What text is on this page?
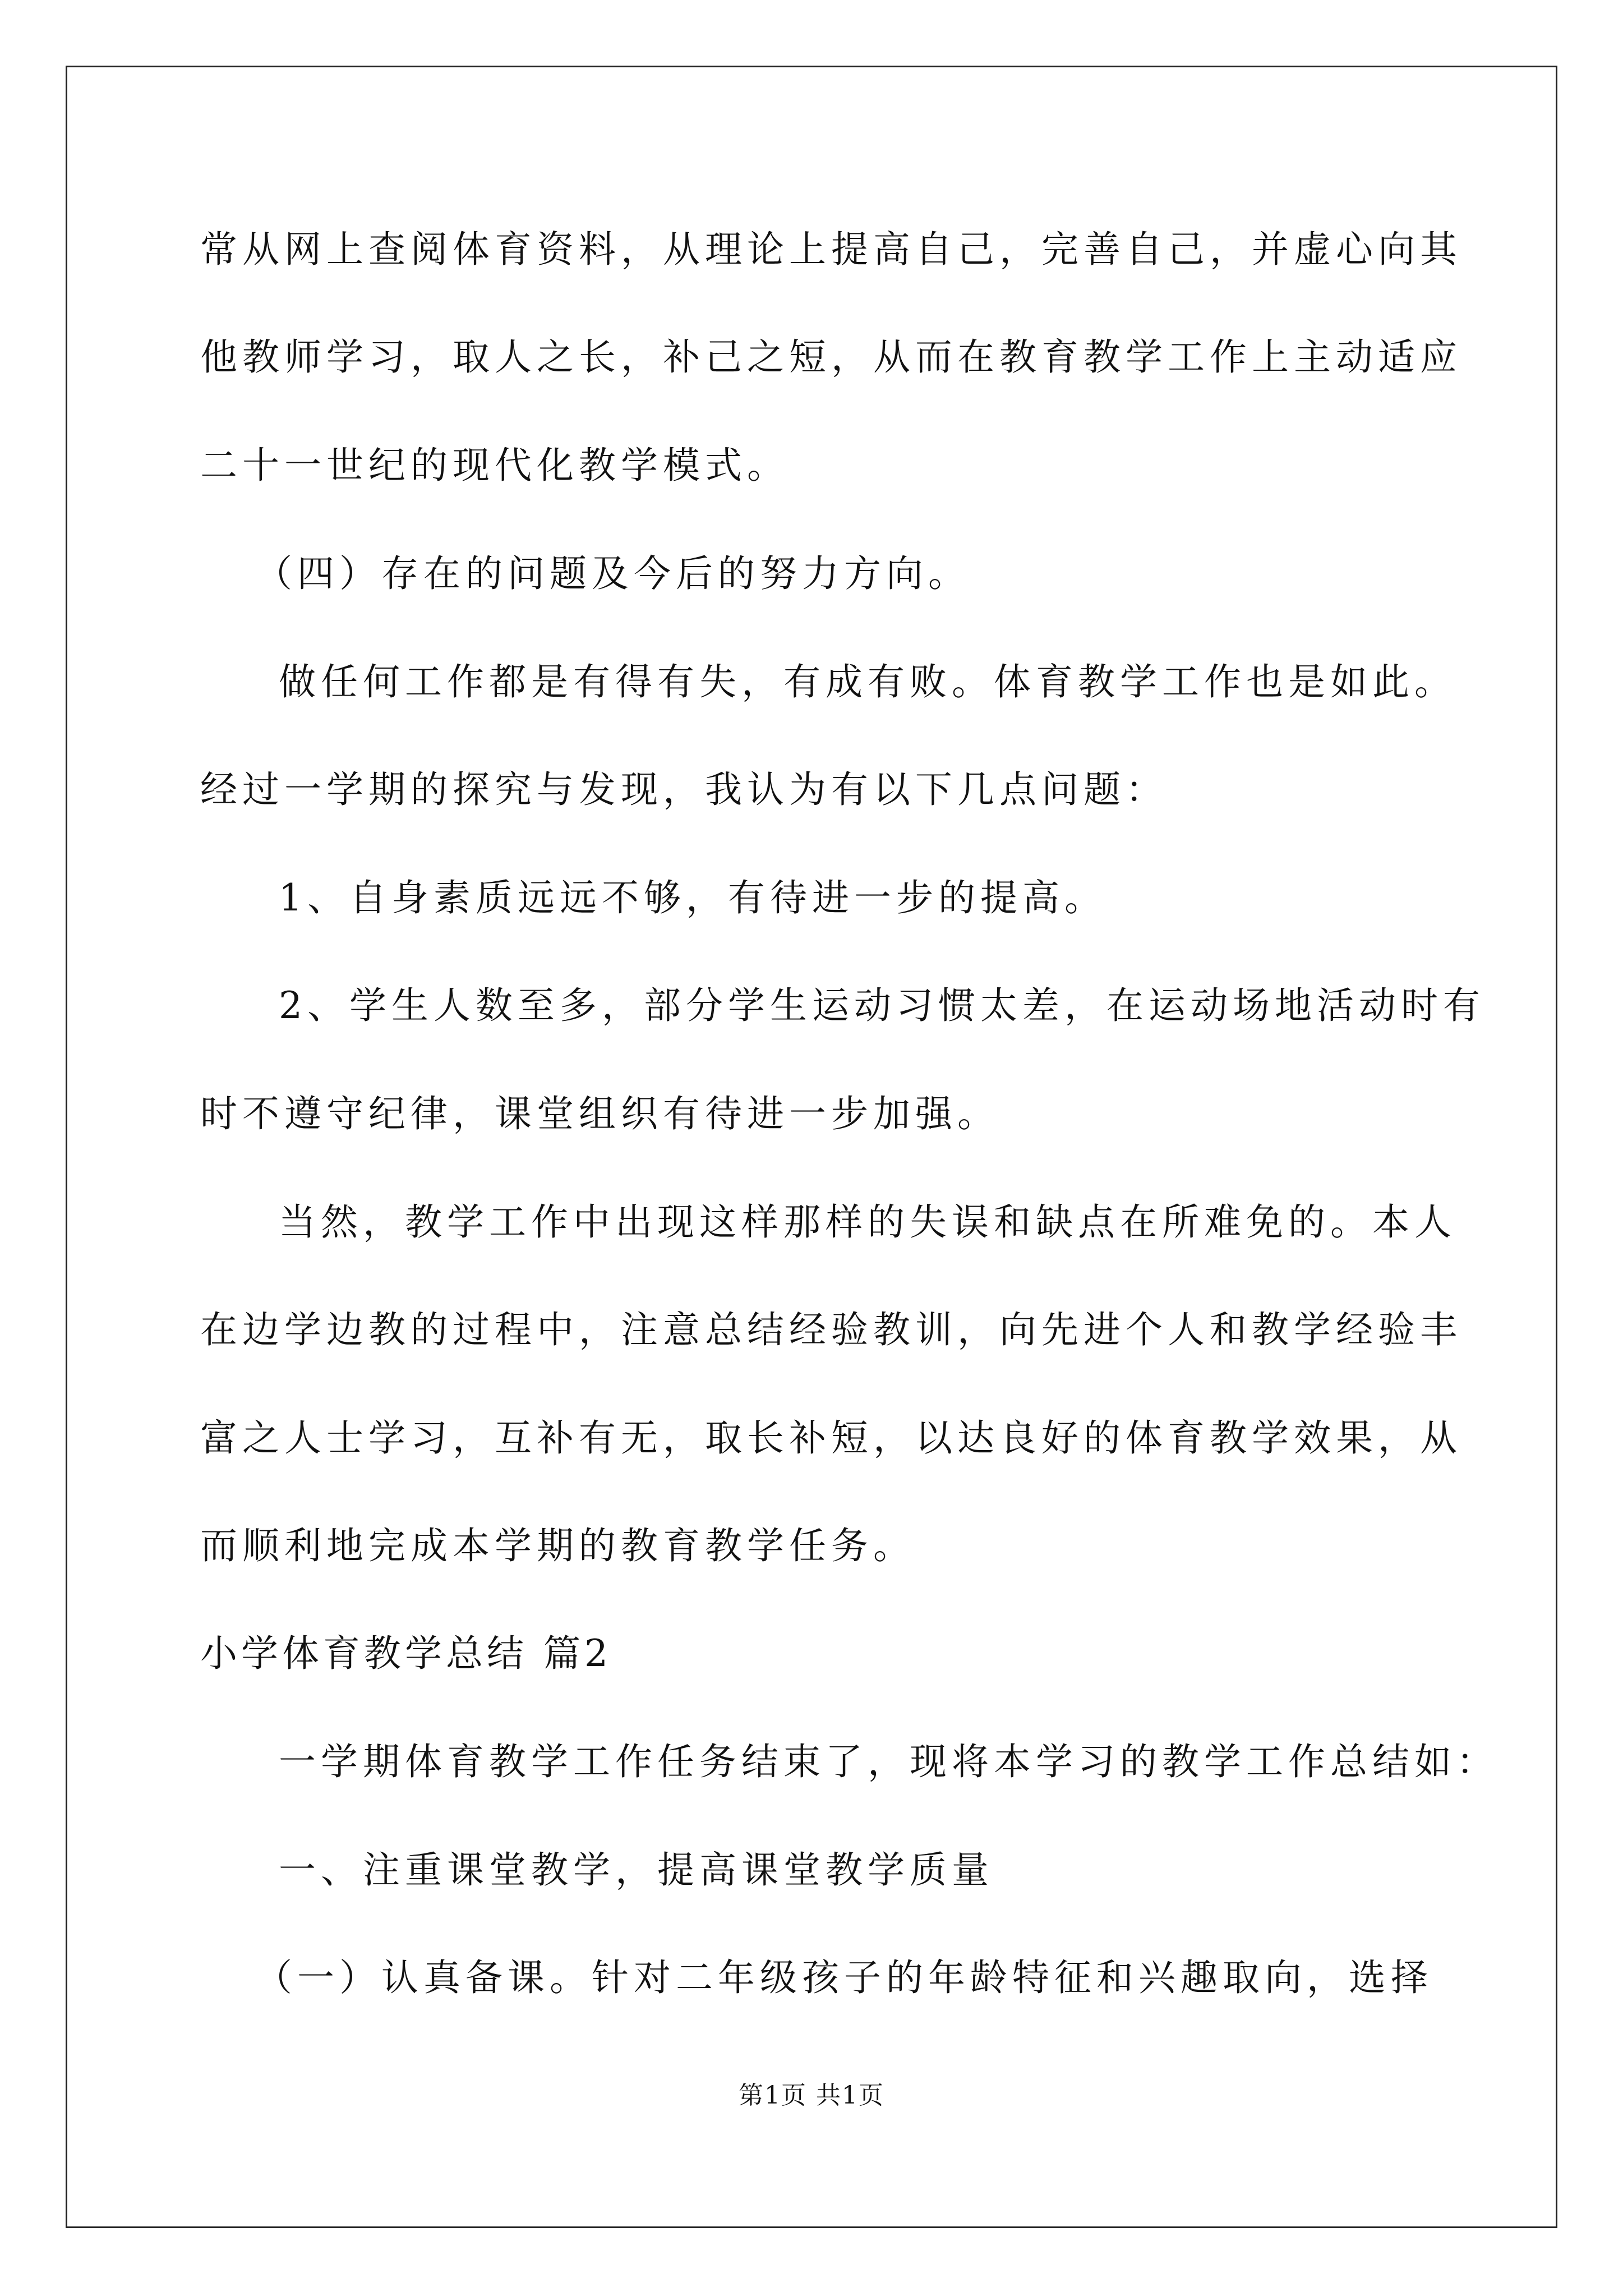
常从网上查阅体育资料，从理论上提高自己，完善自己，并虚心向其
他教师学习，取人之长，补己之短，从而在教育教学工作上主动适应
二十一世纪的现代化教学模式。
（四）存在的问题及今后的努力方向。
做任何工作都是有得有失，有成有败。体育教学工作也是如此。
经过一学期的探究与发现，我认为有以下几点问题：
1、自身素质远远不够，有待进一步的提高。
2、学生人数至多，部分学生运动习惯太差，在运动场地活动时有
时不遵守纪律，课堂组织有待进一步加强。
当然，教学工作中出现这样那样的失误和缺点在所难免的。本人
在边学边教的过程中，注意总结经验教训，向先进个人和教学经验丰
富之人士学习，互补有无，取长补短，以达良好的体育教学效果，从
而顺利地完成本学期的教育教学任务。
小学体育教学总结 篇2
一学期体育教学工作任务结束了，现将本学习的教学工作总结如：
一、注重课堂教学，提高课堂教学质量
（一）认真备课。针对二年级孩子的年龄特征和兴趣取向，选择
第1页 共1页
